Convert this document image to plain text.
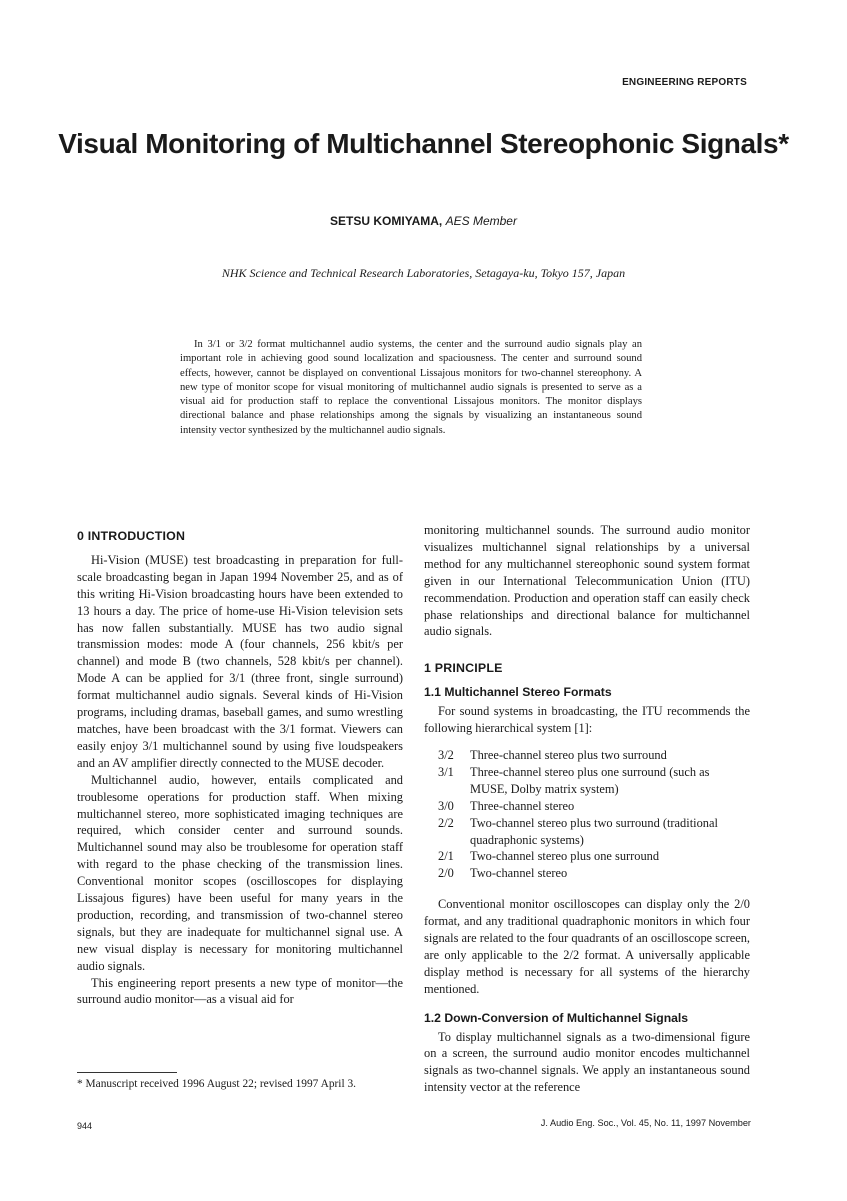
ENGINEERING REPORTS
Visual Monitoring of Multichannel Stereophonic Signals*
SETSU KOMIYAMA, AES Member
NHK Science and Technical Research Laboratories, Setagaya-ku, Tokyo 157, Japan

In 3/1 or 3/2 format multichannel audio systems, the center and the surround audio signals play an important role in achieving good sound localization and spaciousness. The center and surround sound effects, however, cannot be displayed on conventional Lissajous monitors for two-channel stereophony. A new type of monitor scope for visual monitoring of multichannel audio signals is presented to serve as a visual aid for production staff to replace the conventional Lissajous monitors. The monitor displays directional balance and phase relationships among the signals by visualizing an instantaneous sound intensity vector synthesized by the multichannel audio signals.

0 INTRODUCTION

Hi-Vision (MUSE) test broadcasting in preparation for full-scale broadcasting began in Japan 1994 November 25, and as of this writing Hi-Vision broadcasting hours have been extended to 13 hours a day. The price of home-use Hi-Vision television sets has now fallen substantially. MUSE has two audio signal transmission modes: mode A (four channels, 256 kbit/s per channel) and mode B (two channels, 528 kbit/s per channel). Mode A can be applied for 3/1 (three front, single surround) format multichannel audio signals. Several kinds of Hi-Vision programs, including dramas, baseball games, and sumo wrestling matches, have been broadcast with the 3/1 format. Viewers can easily enjoy 3/1 multichannel sound by using five loudspeakers and an AV amplifier directly connected to the MUSE decoder.

Multichannel audio, however, entails complicated and troublesome operations for production staff. When mixing multichannel stereo, more sophisticated imaging techniques are required, which consider center and surround sounds. Multichannel sound may also be troublesome for operation staff with regard to the phase checking of the transmission lines. Conventional monitor scopes (oscilloscopes for displaying Lissajous figures) have been useful for many years in the production, recording, and transmission of two-channel stereo signals, but they are inadequate for multichannel signal use. A new visual display is necessary for monitoring multichannel audio signals.

This engineering report presents a new type of monitor—the surround audio monitor—as a visual aid for

monitoring multichannel sounds. The surround audio monitor visualizes multichannel signal relationships by a universal method for any multichannel stereophonic sound system format given in our International Telecommunication Union (ITU) recommendation. Production and operation staff can easily check phase relationships and directional balance for multichannel audio signals.

1 PRINCIPLE
1.1 Multichannel Stereo Formats

For sound systems in broadcasting, the ITU recommends the following hierarchical system [1]:

3/2	Three-channel stereo plus two surround
3/1	Three-channel stereo plus one surround (such as MUSE, Dolby matrix system)
3/0	Three-channel stereo
2/2	Two-channel stereo plus two surround (traditional quadraphonic systems)
2/1	Two-channel stereo plus one surround
2/0	Two-channel stereo

Conventional monitor oscilloscopes can display only the 2/0 format, and any traditional quadraphonic monitors in which four signals are related to the four quadrants of an oscilloscope screen, are only applicable to the 2/2 format. A universally applicable display method is necessary for all systems of the hierarchy mentioned.

1.2 Down-Conversion of Multichannel Signals

To display multichannel signals as a two-dimensional figure on a screen, the surround audio monitor encodes multichannel signals as two-channel signals. We apply an instantaneous sound intensity vector at the reference

* Manuscript received 1996 August 22; revised 1997 April 3.
944	J. Audio Eng. Soc., Vol. 45, No. 11, 1997 November
